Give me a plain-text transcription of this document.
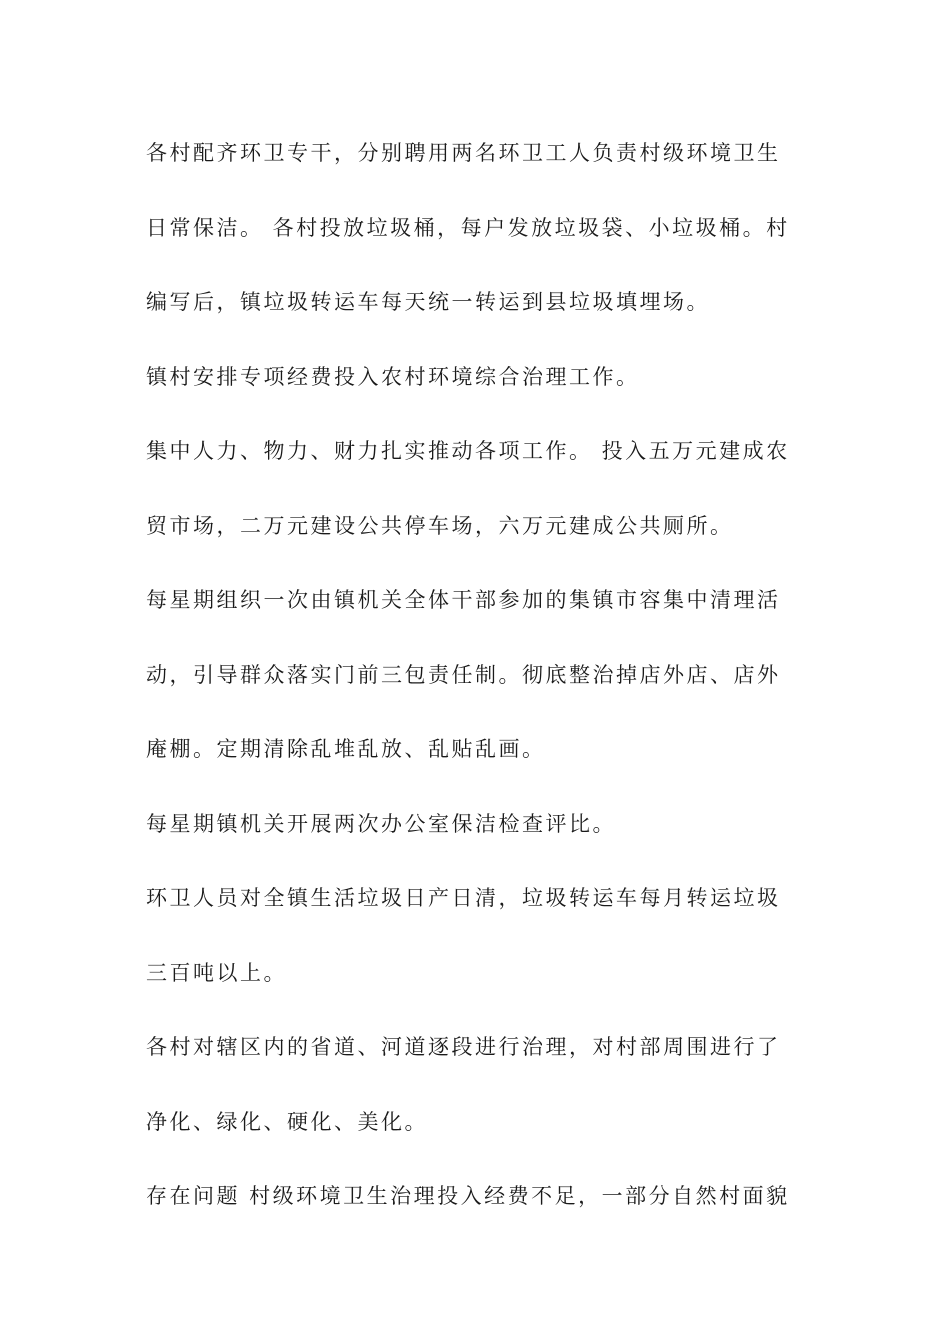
各村配齐环卫专干，分别聘用两名环卫工人负责村级环境卫生
日常保洁。 各村投放垃圾桶，每户发放垃圾袋、小垃圾桶。村
编写后，镇垃圾转运车每天统一转运到县垃圾填埋场。
镇村安排专项经费投入农村环境综合治理工作。
集中人力、物力、财力扎实推动各项工作。 投入五万元建成农
贸市场，二万元建设公共停车场，六万元建成公共厕所。
每星期组织一次由镇机关全体干部参加的集镇市容集中清理活
动，引导群众落实门前三包责任制。彻底整治掉店外店、店外
庵棚。定期清除乱堆乱放、乱贴乱画。
每星期镇机关开展两次办公室保洁检查评比。
环卫人员对全镇生活垃圾日产日清，垃圾转运车每月转运垃圾
三百吨以上。
各村对辖区内的省道、河道逐段进行治理，对村部周围进行了
净化、绿化、硬化、美化。
存在问题 村级环境卫生治理投入经费不足，一部分自然村面貌
